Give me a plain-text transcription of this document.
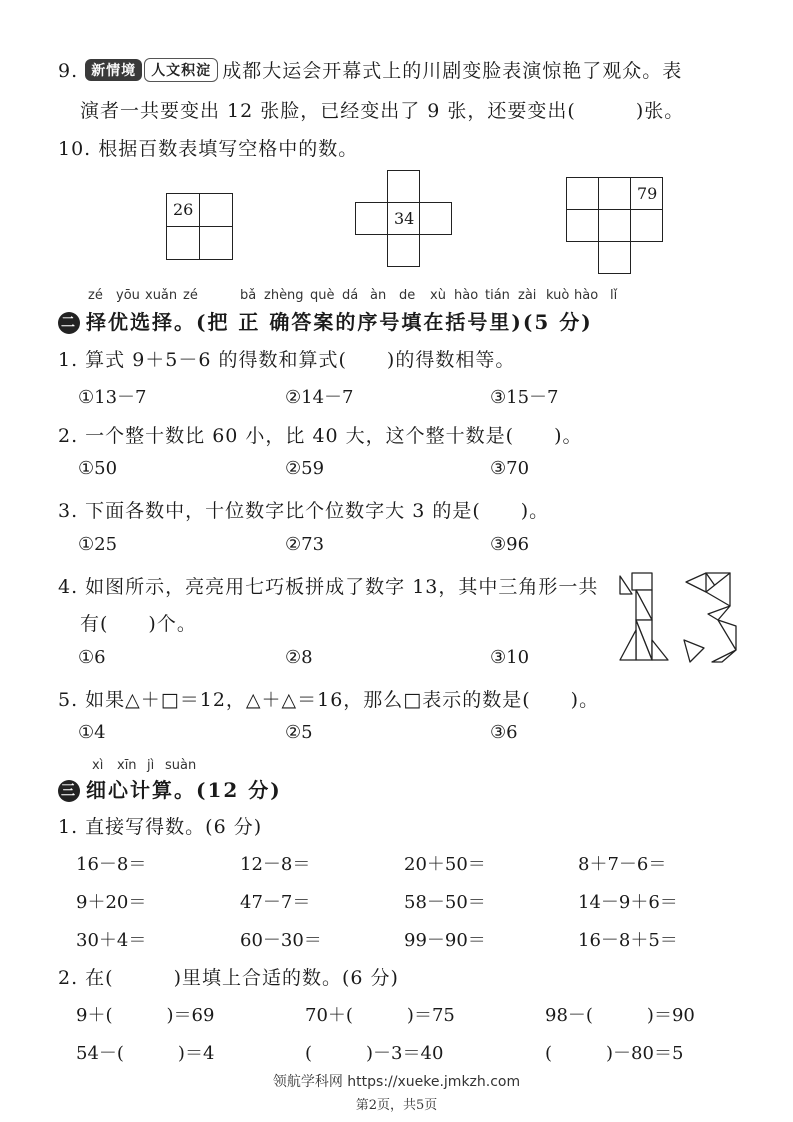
9. 新情境 人文积淀 成都大运会开幕式上的川剧变脸表演惊艳了观众。表
演者一共要变出 12 张脸，已经变出了 9 张，还要变出(　　　)张。
10. 根据百数表填写空格中的数。
26	34
79
zé yōu xuǎn zé	bǎ zhèng què dá àn de xù hào tián zài kuò hào lǐ
二 择优选择。(把 正 确答案的序号填在括号里)(5 分)
1. 算式 9＋5－6 的得数和算式(　　)的得数相等。
①13－7	②14－7	③15－7
2. 一个整十数比 60 小，比 40 大，这个整十数是(　　)。
①50	②59	③70
3. 下面各数中，十位数字比个位数字大 3 的是(　　)。
①25	②73	③96
4. 如图所示，亮亮用七巧板拼成了数字 13，其中三角形一共
有(　　)个。
①6	②8	③10
5. 如果△＋□＝12，△＋△＝16，那么□表示的数是(　　)。
①4	②5	③6
xì xīn jì suàn
三 细心计算。(12 分)
1. 直接写得数。(6 分)
16－8＝	12－8＝	20＋50＝	8＋7－6＝
9＋20＝	47－7＝	58－50＝	14－9＋6＝
30＋4＝	60－30＝	99－90＝	16－8＋5＝
2. 在(　　　)里填上合适的数。(6 分)
9＋(　　　)＝69	70＋(　　　)＝75	98－(　　　)＝90
54－(　　　)＝4	(　　　)－3＝40	(　　　)－80＝5
领航学科网 https://xueke.jmkzh.com
第2页，共5页
